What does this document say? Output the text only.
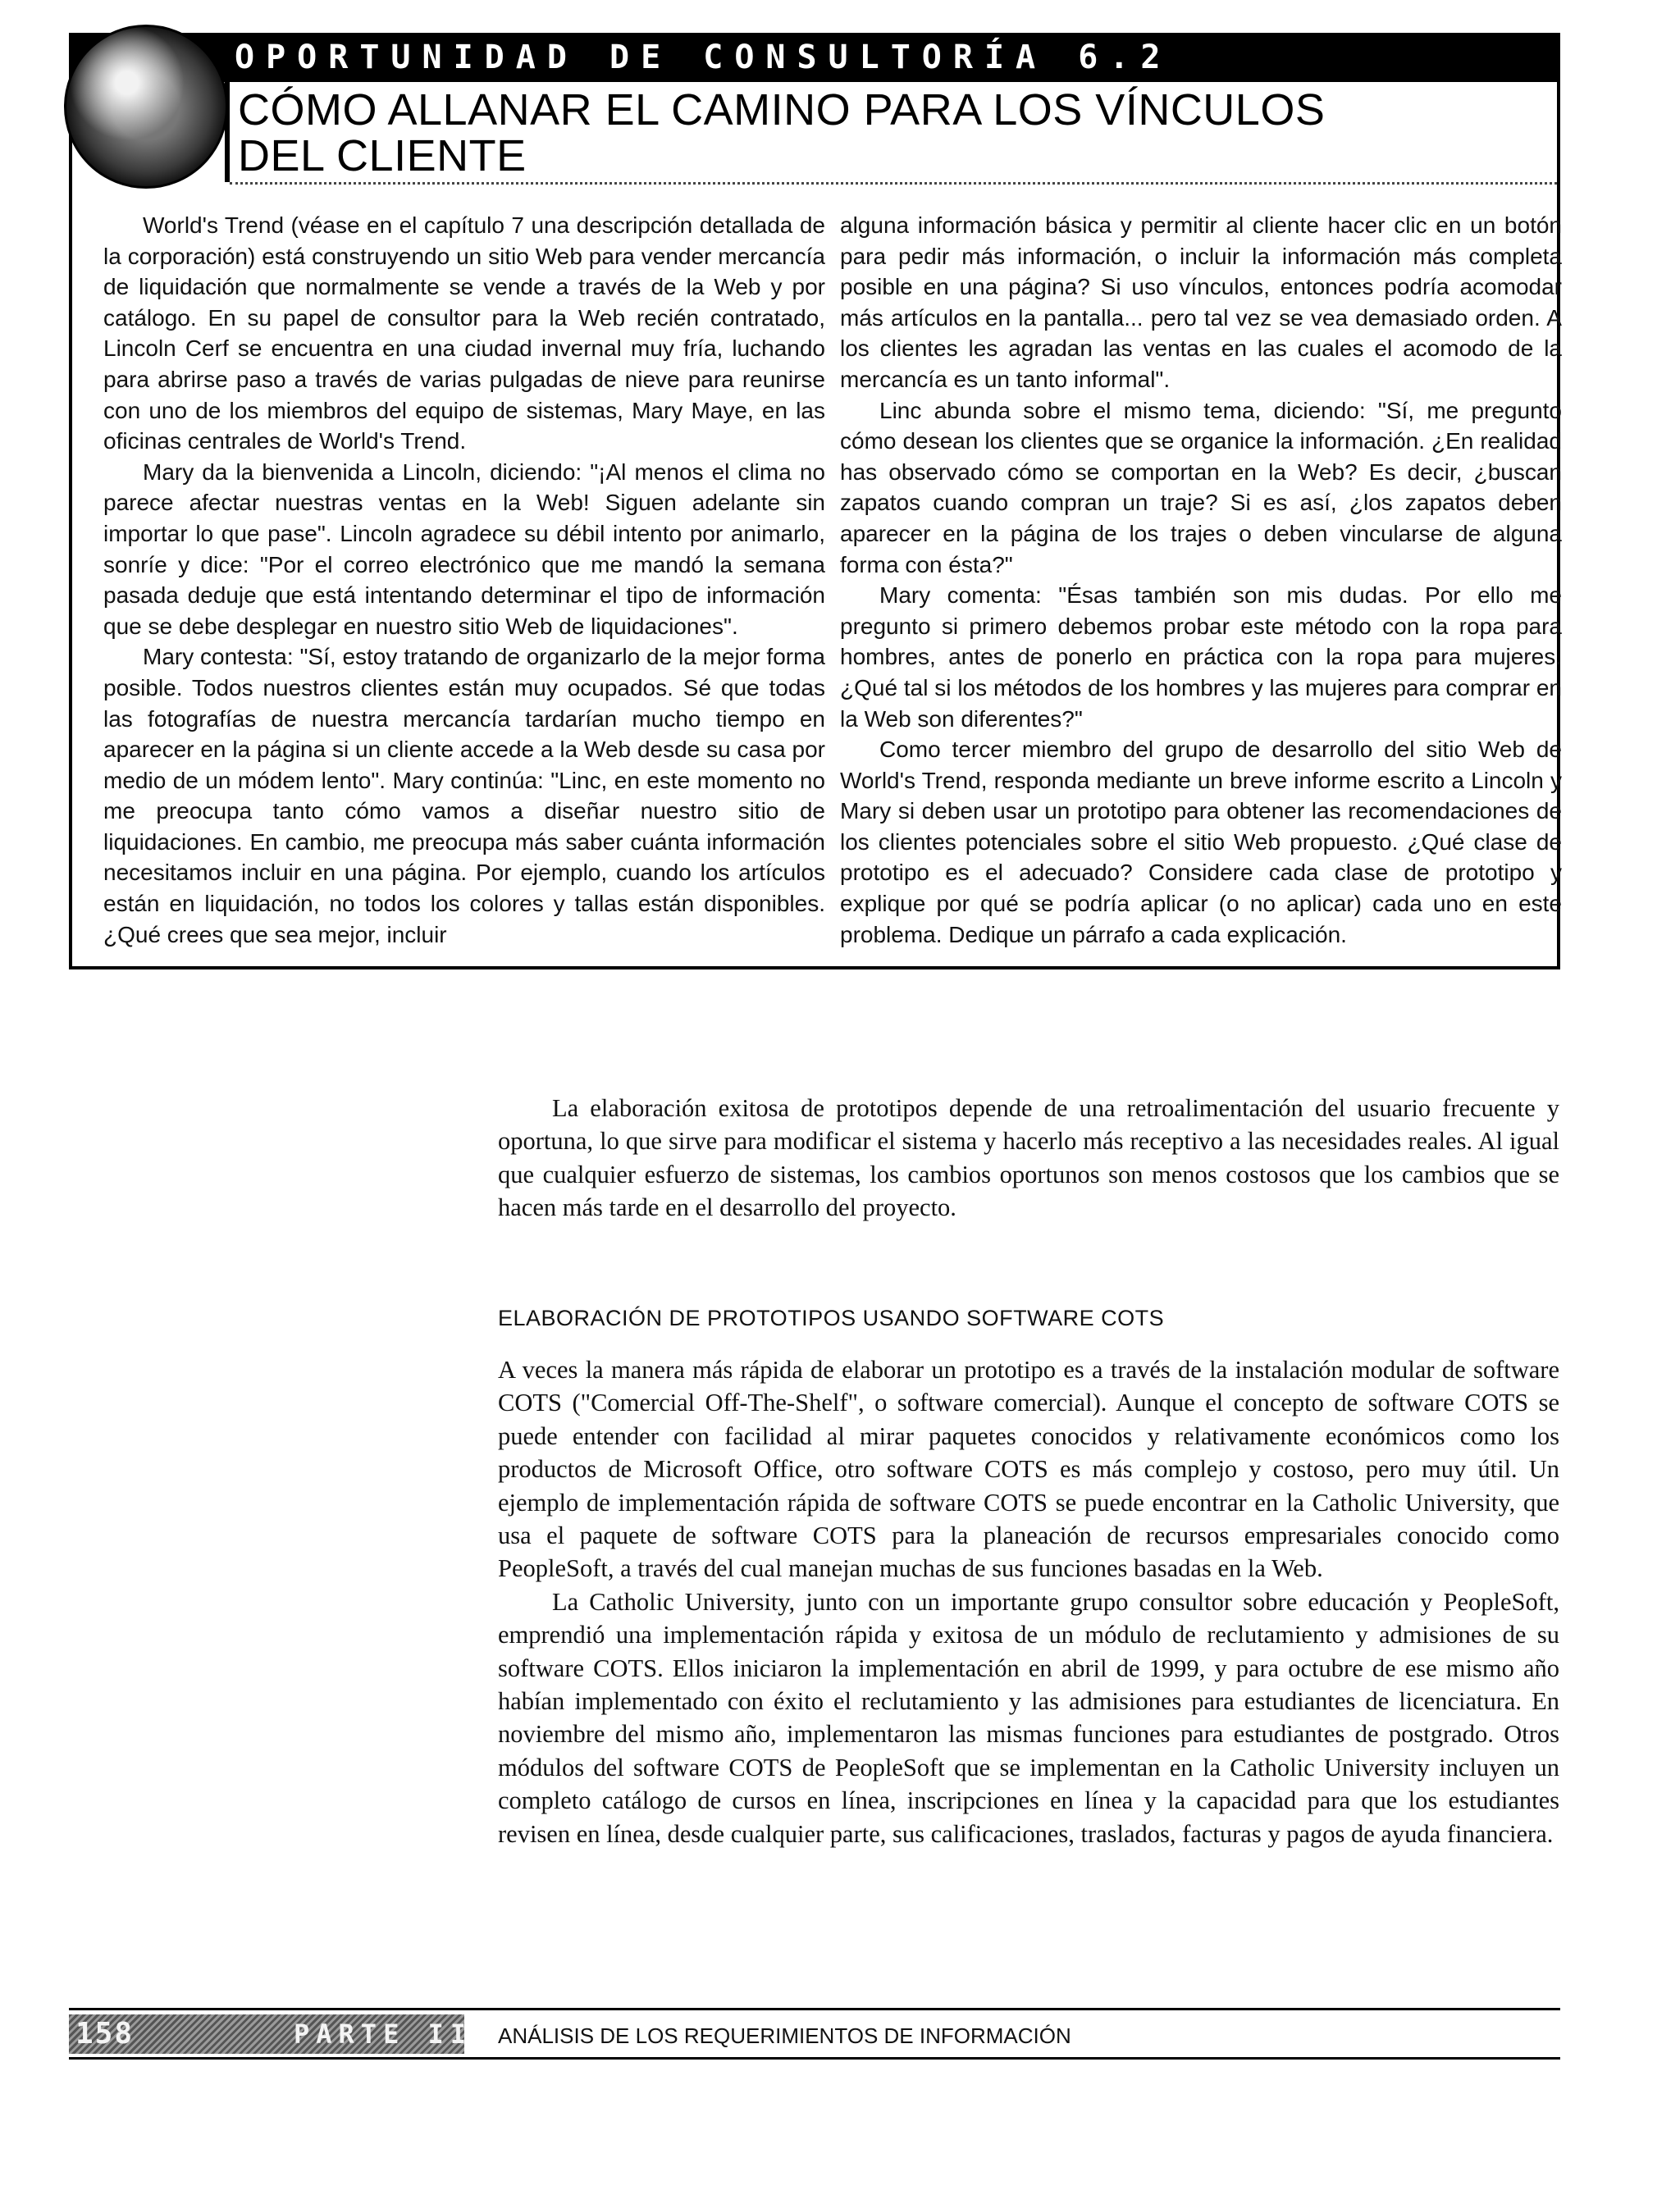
OPORTUNIDAD DE CONSULTORÍA 6.2
CÓMO ALLANAR EL CAMINO PARA LOS VÍNCULOS
DEL CLIENTE

World's Trend (véase en el capítulo 7 una descripción detallada de la corporación) está construyendo un sitio Web para vender mercancía de liquidación que normalmente se vende a través de la Web y por catálogo. En su papel de consultor para la Web recién contratado, Lincoln Cerf se encuentra en una ciudad invernal muy fría, luchando para abrirse paso a través de varias pulgadas de nieve para reunirse con uno de los miembros del equipo de sistemas, Mary Maye, en las oficinas centrales de World's Trend.

Mary da la bienvenida a Lincoln, diciendo: "¡Al menos el clima no parece afectar nuestras ventas en la Web! Siguen adelante sin importar lo que pase". Lincoln agradece su débil intento por animarlo, sonríe y dice: "Por el correo electrónico que me mandó la semana pasada deduje que está intentando determinar el tipo de información que se debe desplegar en nuestro sitio Web de liquidaciones".

Mary contesta: "Sí, estoy tratando de organizarlo de la mejor forma posible. Todos nuestros clientes están muy ocupados. Sé que todas las fotografías de nuestra mercancía tardarían mucho tiempo en aparecer en la página si un cliente accede a la Web desde su casa por medio de un módem lento". Mary continúa: "Linc, en este momento no me preocupa tanto cómo vamos a diseñar nuestro sitio de liquidaciones. En cambio, me preocupa más saber cuánta información necesitamos incluir en una página. Por ejemplo, cuando los artículos están en liquidación, no todos los colores y tallas están disponibles. ¿Qué crees que sea mejor, incluir

alguna información básica y permitir al cliente hacer clic en un botón para pedir más información, o incluir la información más completa posible en una página? Si uso vínculos, entonces podría acomodar más artículos en la pantalla... pero tal vez se vea demasiado orden. A los clientes les agradan las ventas en las cuales el acomodo de la mercancía es un tanto informal".

Linc abunda sobre el mismo tema, diciendo: "Sí, me pregunto cómo desean los clientes que se organice la información. ¿En realidad has observado cómo se comportan en la Web? Es decir, ¿buscan zapatos cuando compran un traje? Si es así, ¿los zapatos deben aparecer en la página de los trajes o deben vincularse de alguna forma con ésta?"

Mary comenta: "Ésas también son mis dudas. Por ello me pregunto si primero debemos probar este método con la ropa para hombres, antes de ponerlo en práctica con la ropa para mujeres. ¿Qué tal si los métodos de los hombres y las mujeres para comprar en la Web son diferentes?"

Como tercer miembro del grupo de desarrollo del sitio Web de World's Trend, responda mediante un breve informe escrito a Lincoln y Mary si deben usar un prototipo para obtener las recomendaciones de los clientes potenciales sobre el sitio Web propuesto. ¿Qué clase de prototipo es el adecuado? Considere cada clase de prototipo y explique por qué se podría aplicar (o no aplicar) cada uno en este problema. Dedique un párrafo a cada explicación.

La elaboración exitosa de prototipos depende de una retroalimentación del usuario frecuente y oportuna, lo que sirve para modificar el sistema y hacerlo más receptivo a las necesidades reales. Al igual que cualquier esfuerzo de sistemas, los cambios oportunos son menos costosos que los cambios que se hacen más tarde en el desarrollo del proyecto.

ELABORACIÓN DE PROTOTIPOS USANDO SOFTWARE COTS

A veces la manera más rápida de elaborar un prototipo es a través de la instalación modular de software COTS ("Comercial Off-The-Shelf", o software comercial). Aunque el concepto de software COTS se puede entender con facilidad al mirar paquetes conocidos y relativamente económicos como los productos de Microsoft Office, otro software COTS es más complejo y costoso, pero muy útil. Un ejemplo de implementación rápida de software COTS se puede encontrar en la Catholic University, que usa el paquete de software COTS para la planeación de recursos empresariales conocido como PeopleSoft, a través del cual manejan muchas de sus funciones basadas en la Web.

La Catholic University, junto con un importante grupo consultor sobre educación y PeopleSoft, emprendió una implementación rápida y exitosa de un módulo de reclutamiento y admisiones de su software COTS. Ellos iniciaron la implementación en abril de 1999, y para octubre de ese mismo año habían implementado con éxito el reclutamiento y las admisiones para estudiantes de licenciatura. En noviembre del mismo año, implementaron las mismas funciones para estudiantes de postgrado. Otros módulos del software COTS de PeopleSoft que se implementan en la Catholic University incluyen un completo catálogo de cursos en línea, inscripciones en línea y la capacidad para que los estudiantes revisen en línea, desde cualquier parte, sus calificaciones, traslados, facturas y pagos de ayuda financiera.

158	PARTE II ANÁLISIS DE LOS REQUERIMIENTOS DE INFORMACIÓN
